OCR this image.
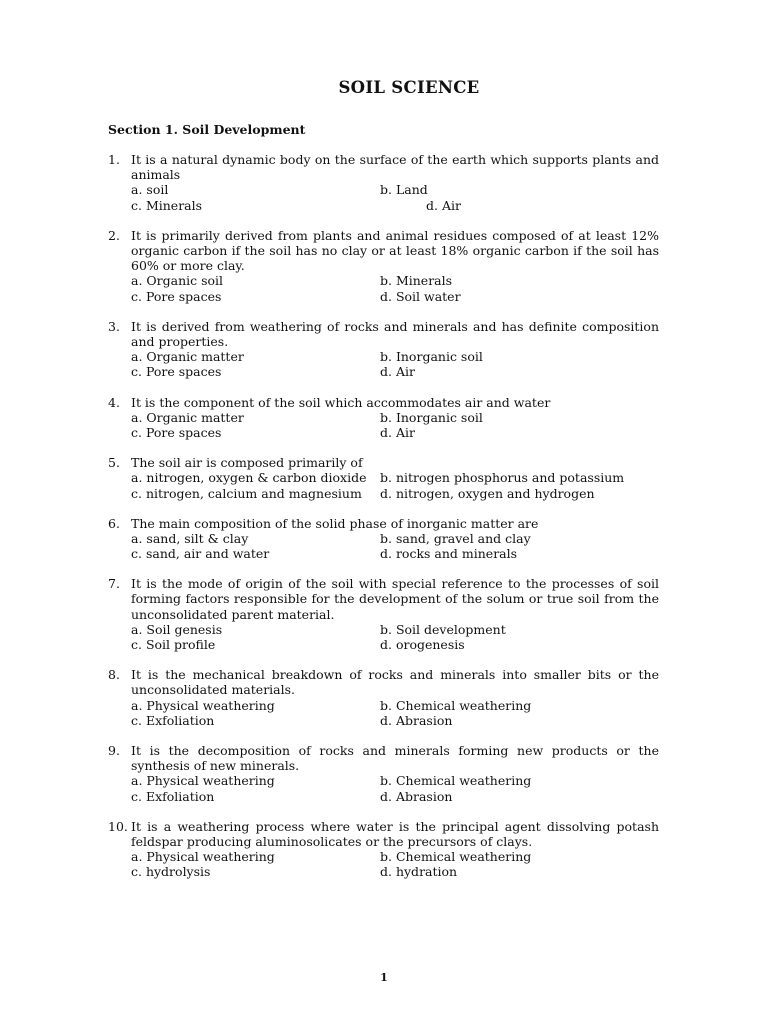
SOIL SCIENCE
Section 1. Soil Development
1. It is a natural dynamic body on the surface of the earth which supports plants and animals
a. soil	b. Land
c. Minerals	d. Air
2. It is primarily derived from plants and animal residues composed of at least 12% organic carbon if the soil has no clay or at least 18% organic carbon if the soil has 60% or more clay.
a. Organic soil	b. Minerals
c. Pore spaces	d. Soil water
3. It is derived from weathering of rocks and minerals and has definite composition and properties.
a. Organic matter	b. Inorganic soil
c. Pore spaces	d. Air
4. It is the component of the soil which accommodates air and water
a. Organic matter	b. Inorganic soil
c. Pore spaces	d. Air
5. The soil air is composed primarily of
a. nitrogen, oxygen & carbon dioxide b. nitrogen phosphorus and potassium
c. nitrogen, calcium and magnesium d. nitrogen, oxygen and hydrogen
6. The main composition of the solid phase of inorganic matter are
a. sand, silt & clay	b. sand, gravel and clay
c. sand, air and water	d. rocks and minerals
7. It is the mode of origin of the soil with special reference to the processes of soil forming factors responsible for the development of the solum or true soil from the unconsolidated parent material.
a. Soil genesis	b. Soil development
c. Soil profile	d. orogenesis
8. It is the mechanical breakdown of rocks and minerals into smaller bits or the unconsolidated materials.
a. Physical weathering	b. Chemical weathering
c. Exfoliation	d. Abrasion
9. It is the decomposition of rocks and minerals forming new products or the synthesis of new minerals.
a. Physical weathering	b. Chemical weathering
c. Exfoliation	d. Abrasion
10. It is a weathering process where water is the principal agent dissolving potash feldspar producing aluminosolicates or the precursors of clays.
a. Physical weathering	b. Chemical weathering
c. hydrolysis	d. hydration
1
